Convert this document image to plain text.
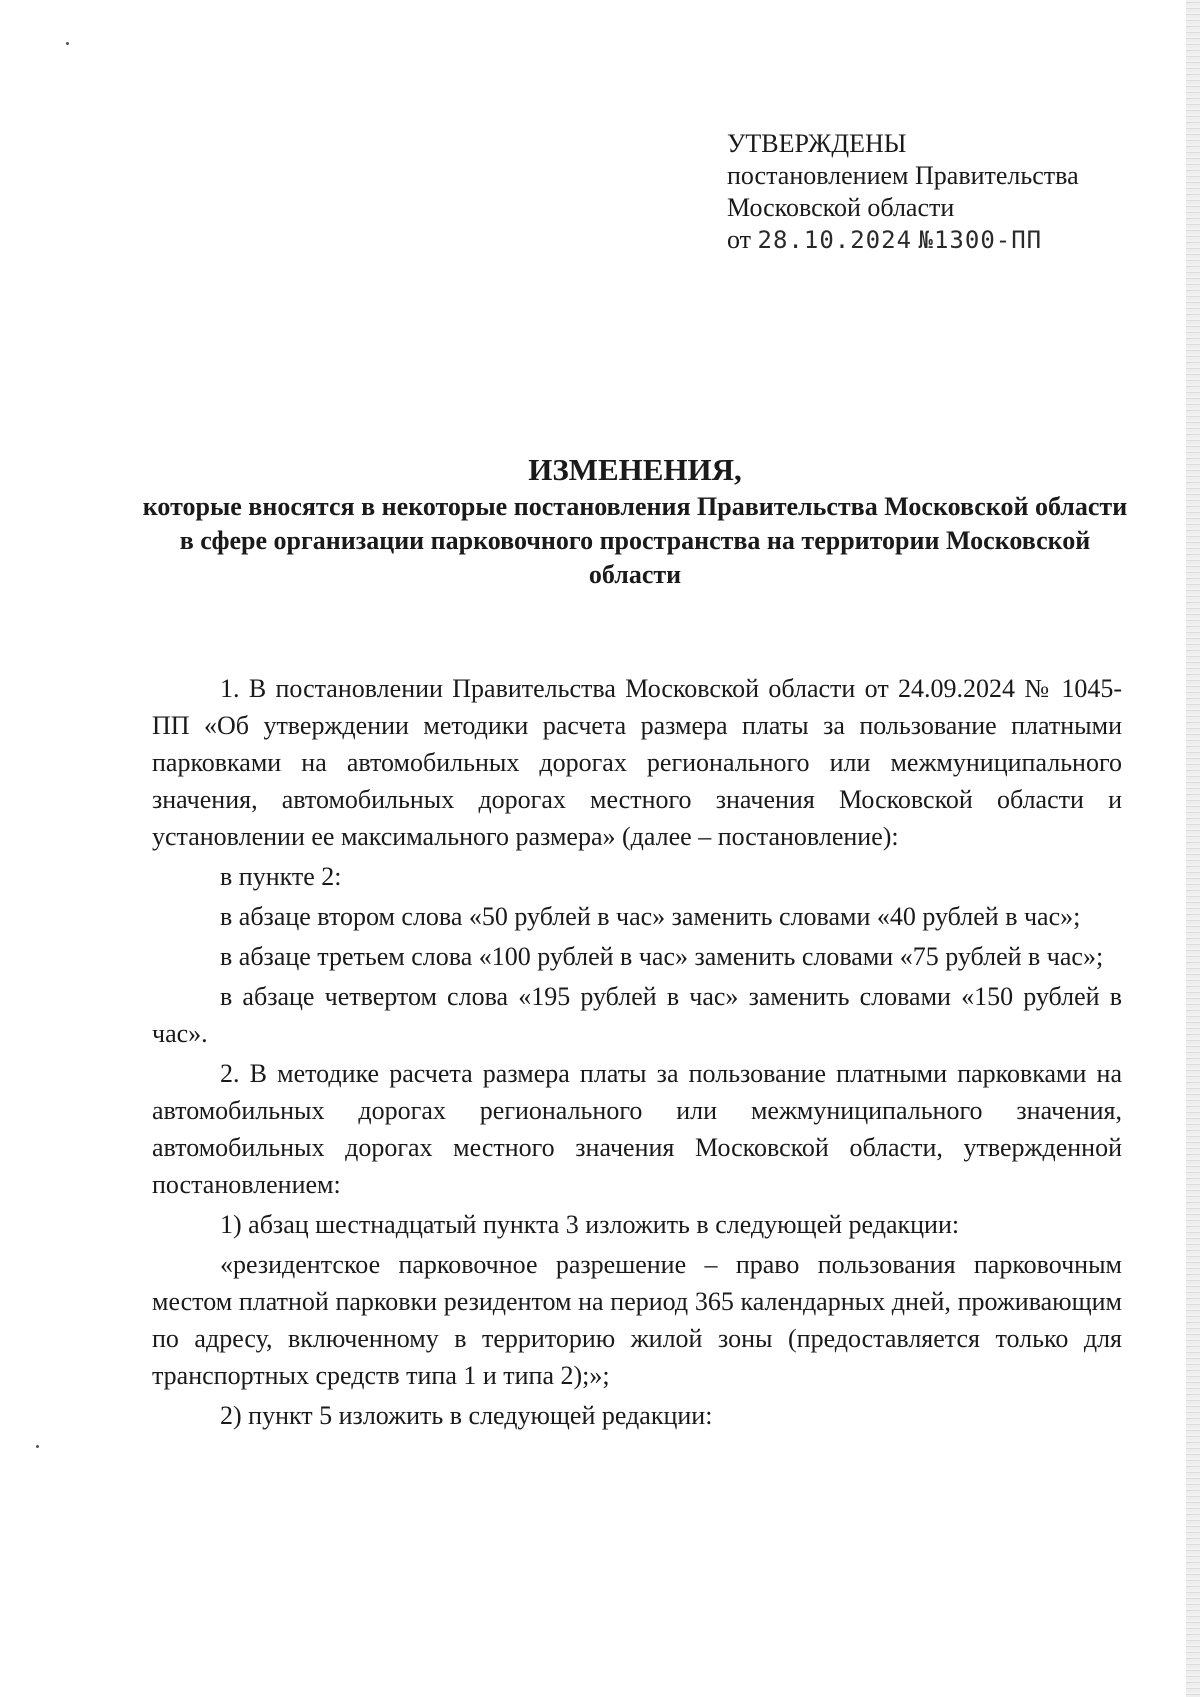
УТВЕРЖДЕНЫ
постановлением Правительства
Московской области
от 28.10.2024 №1300-ПП
ИЗМЕНЕНИЯ,
которые вносятся в некоторые постановления Правительства Московской области в сфере организации парковочного пространства на территории Московской области

1. В постановлении Правительства Московской области от 24.09.2024 № 1045-ПП «Об утверждении методики расчета размера платы за пользование платными парковками на автомобильных дорогах регионального или межмуниципального значения, автомобильных дорогах местного значения Московской области и установлении ее максимального размера» (далее – постановление):

в пункте 2:

в абзаце втором слова «50 рублей в час» заменить словами «40 рублей в час»;

в абзаце третьем слова «100 рублей в час» заменить словами «75 рублей в час»;

в абзаце четвертом слова «195 рублей в час» заменить словами «150 рублей в час».

2. В методике расчета размера платы за пользование платными парковками на автомобильных дорогах регионального или межмуниципального значения, автомобильных дорогах местного значения Московской области, утвержденной постановлением:

1) абзац шестнадцатый пункта 3 изложить в следующей редакции:

«резидентское парковочное разрешение – право пользования парковочным местом платной парковки резидентом на период 365 календарных дней, проживающим по адресу, включенному в территорию жилой зоны (предоставляется только для транспортных средств типа 1 и типа 2);»;

2) пункт 5 изложить в следующей редакции:
